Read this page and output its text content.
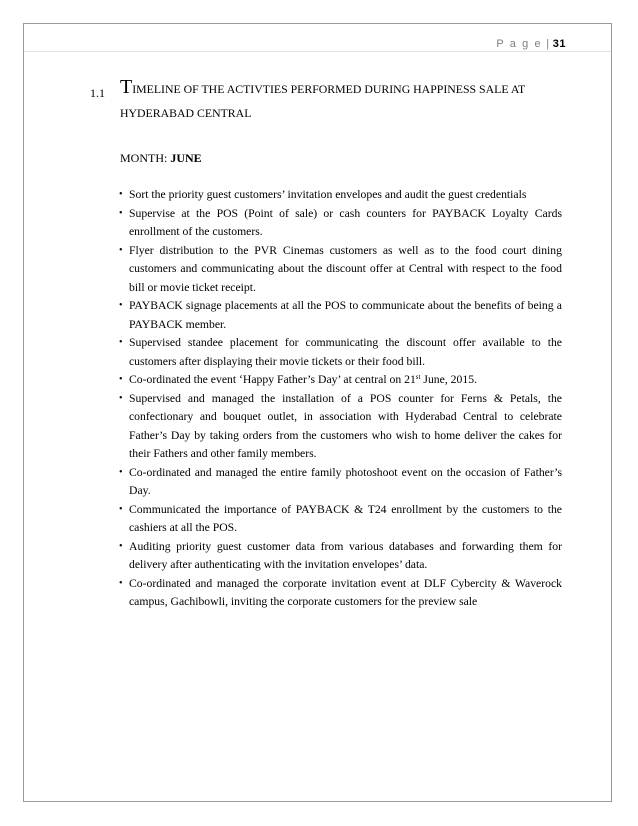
P a g e | 31
1.1 TIMELINE OF THE ACTIVTIES PERFORMED DURING HAPPINESS SALE AT
HYDERABAD CENTRAL
MONTH: JUNE
• Sort the priority guest customers’ invitation envelopes and audit the guest credentials
• Supervise at the POS (Point of sale) or cash counters for PAYBACK Loyalty Cards enrollment of the customers.
• Flyer distribution to the PVR Cinemas customers as well as to the food court dining customers and communicating about the discount offer at Central with respect to the food bill or movie ticket receipt.
• PAYBACK signage placements at all the POS to communicate about the benefits of being a PAYBACK member.
• Supervised standee placement for communicating the discount offer available to the customers after displaying their movie tickets or their food bill.
• Co-ordinated the event ‘Happy Father’s Day’ at central on 21st June, 2015.
• Supervised and managed the installation of a POS counter for Ferns & Petals, the confectionary and bouquet outlet, in association with Hyderabad Central to celebrate Father’s Day by taking orders from the customers who wish to home deliver the cakes for their Fathers and other family members.
• Co-ordinated and managed the entire family photoshoot event on the occasion of Father’s Day.
• Communicated the importance of PAYBACK & T24 enrollment by the customers to the cashiers at all the POS.
• Auditing priority guest customer data from various databases and forwarding them for delivery after authenticating with the invitation envelopes’ data.
• Co-ordinated and managed the corporate invitation event at DLF Cybercity & Waverock campus, Gachibowli, inviting the corporate customers for the preview sale
